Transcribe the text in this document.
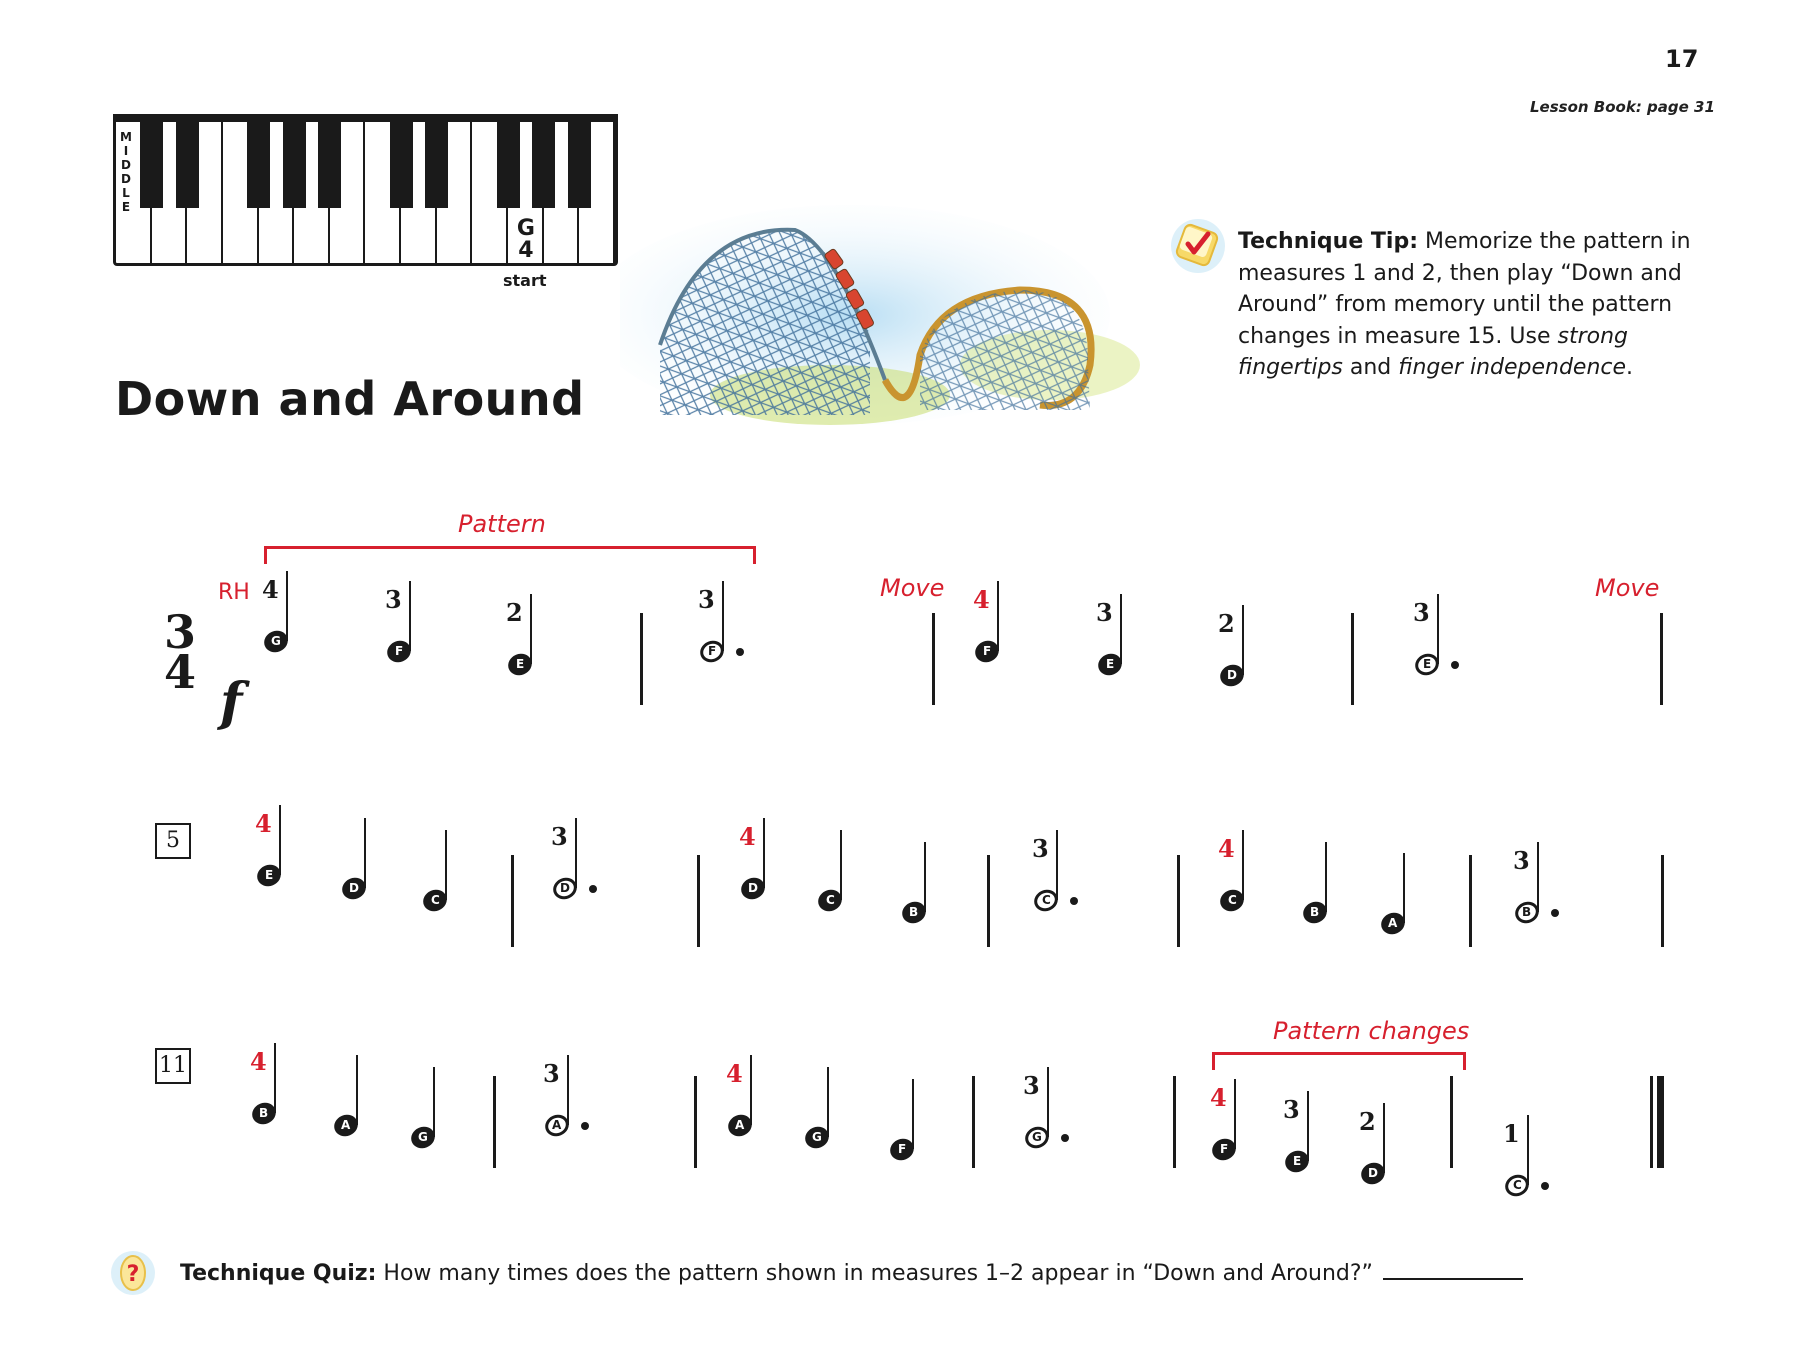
17
Lesson Book: page 31
M
I
D
D
L
E
G
4
start
Down and Around
Technique Tip: Memorize the pattern in measures 1 and 2, then play “Down and Around” from memory until the pattern changes in measure 15. Use strong fingertips and finger independence.
Pattern
RH
3
4 f
Move	Move
5
11
Pattern changes
G
4
F
3
E
2
F
3
F
4
E
3
D
2
E
3
E
4
D
C
D
3
D
4
C
B
C
3
C
4
B
A
B
3
B
4
A
G
A
3
A
4
G
F
G
3
F
4
E
3
D
2
C
1
? Technique Quiz: How many times does the pattern shown in measures 1–2 appear in “Down and Around?”
